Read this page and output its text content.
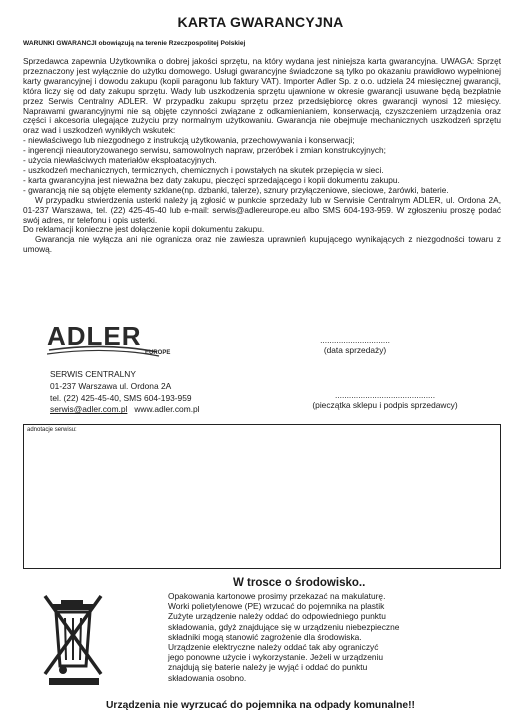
KARTA GWARANCYJNA
WARUNKI GWARANCJI obowiązują na terenie Rzeczpospolitej Polskiej

Sprzedawca zapewnia Użytkownika o dobrej jakości sprzętu, na który wydana jest niniejsza karta gwarancyjna. UWAGA: Sprzęt przeznaczony jest wyłącznie do użytku domowego. Usługi gwarancyjne świadczone są tylko po okazaniu prawidłowo wypełnionej karty gwarancyjnej i dowodu zakupu (kopii paragonu lub faktury VAT). Importer Adler Sp. z o.o. udziela 24 miesięcznej gwarancji, która liczy się od daty zakupu sprzętu. Wady lub uszkodzenia sprzętu ujawnione w okresie gwarancji usuwane będą bezpłatnie przez Serwis Centralny ADLER. W przypadku zakupu sprzętu przez przedsiębiorcę okres gwarancji wynosi 12 miesięcy. Naprawami gwarancyjnymi nie są objęte czynności związane z odkamienianiem, konserwacją, czyszczeniem urządzenia oraz części i akcesoria ulegające zużyciu przy normalnym użytkowaniu. Gwarancja nie obejmuje mechanicznych uszkodzeń sprzętu oraz wad i uszkodzeń wynikłych wskutek:

- niewłaściwego lub niezgodnego z instrukcją użytkowania, przechowywania i konserwacji;

- ingerencji nieautoryzowanego serwisu, samowolnych napraw, przeróbek i zmian konstrukcyjnych;

- użycia niewłaściwych materiałów eksploatacyjnych.

- uszkodzeń mechanicznych, termicznych, chemicznych i powstałych na skutek przepięcia w sieci.

- karta gwarancyjna jest nieważna bez daty zakupu, pieczęci sprzedającego i kopii dokumentu zakupu.

- gwarancją nie są objęte elementy szklane(np. dzbanki, talerze), sznury przyłączeniowe, sieciowe, żarówki, baterie.

W przypadku stwierdzenia usterki należy ją zgłosić w punkcie sprzedaży lub w Serwisie Centralnym ADLER, ul. Ordona 2A, 01-237 Warszawa, tel. (22) 425-45-40 lub e-mail: serwis@adlereurope.eu albo SMS 604-193-959. W zgłoszeniu proszę podać swój adres, nr telefonu i opis usterki.

Do reklamacji konieczne jest dołączenie kopii dokumentu zakupu.

Gwarancja nie wyłącza ani nie ogranicza oraz nie zawiesza uprawnień kupującego wynikających z niezgodności towaru z umową.

ADLER
EUROPE
SERWIS CENTRALNY
01-237 Warszawa ul. Ordona 2A
tel. (22) 425-45-40, SMS 604-193-959
serwis@adler.com.pl www.adler.com.pl
..............................
(data sprzedaży)
...........................................
(pieczątka sklepu i podpis sprzedawcy)
adnotacje serwisu:
W trosce o środowisko..
Opakowania kartonowe prosimy przekazać na makulaturę.
Worki polietylenowe (PE) wrzucać do pojemnika na plastik
Zużyte urządzenie należy oddać do odpowiedniego punktu
składowania, gdyż znajdujące się w urządzeniu niebezpieczne
składniki mogą stanowić zagrożenie dla środowiska.
Urządzenie elektryczne należy oddać tak aby ograniczyć
jego ponowne użycie i wykorzystanie. Jeżeli w urządzeniu
znajdują się baterie należy je wyjąć i oddać do punktu
składowania osobno.
Urządzenia nie wyrzucać do pojemnika na odpady komunalne!!
